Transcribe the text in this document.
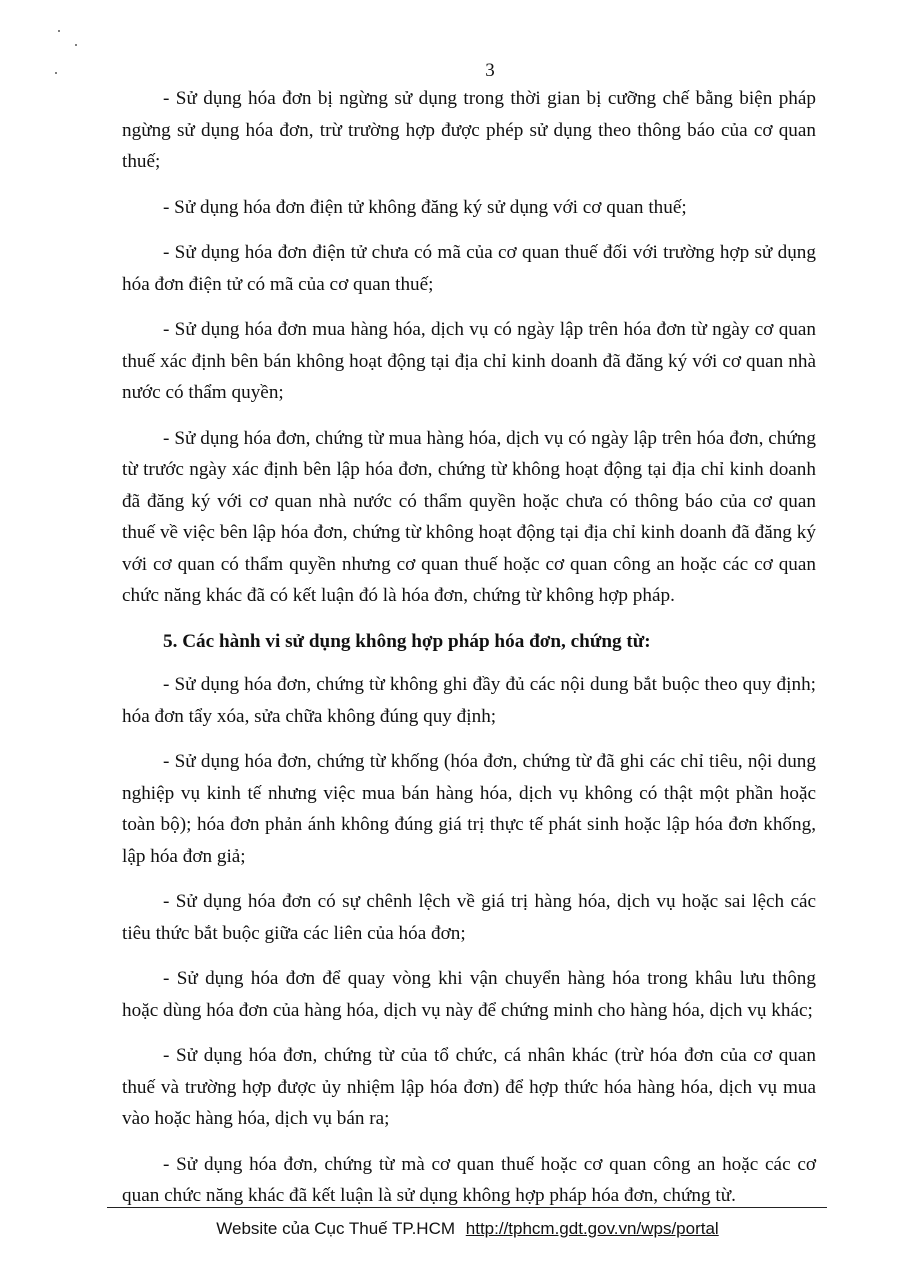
3

- Sử dụng hóa đơn bị ngừng sử dụng trong thời gian bị cưỡng chế bằng biện pháp ngừng sử dụng hóa đơn, trừ trường hợp được phép sử dụng theo thông báo của cơ quan thuế;

- Sử dụng hóa đơn điện tử không đăng ký sử dụng với cơ quan thuế;

- Sử dụng hóa đơn điện tử chưa có mã của cơ quan thuế đối với trường hợp sử dụng hóa đơn điện tử có mã của cơ quan thuế;

- Sử dụng hóa đơn mua hàng hóa, dịch vụ có ngày lập trên hóa đơn từ ngày cơ quan thuế xác định bên bán không hoạt động tại địa chỉ kinh doanh đã đăng ký với cơ quan nhà nước có thẩm quyền;

- Sử dụng hóa đơn, chứng từ mua hàng hóa, dịch vụ có ngày lập trên hóa đơn, chứng từ trước ngày xác định bên lập hóa đơn, chứng từ không hoạt động tại địa chỉ kinh doanh đã đăng ký với cơ quan nhà nước có thẩm quyền hoặc chưa có thông báo của cơ quan thuế về việc bên lập hóa đơn, chứng từ không hoạt động tại địa chỉ kinh doanh đã đăng ký với cơ quan có thẩm quyền nhưng cơ quan thuế hoặc cơ quan công an hoặc các cơ quan chức năng khác đã có kết luận đó là hóa đơn, chứng từ không hợp pháp.

5. Các hành vi sử dụng không hợp pháp hóa đơn, chứng từ:

- Sử dụng hóa đơn, chứng từ không ghi đầy đủ các nội dung bắt buộc theo quy định; hóa đơn tẩy xóa, sửa chữa không đúng quy định;

- Sử dụng hóa đơn, chứng từ khống (hóa đơn, chứng từ đã ghi các chỉ tiêu, nội dung nghiệp vụ kinh tế nhưng việc mua bán hàng hóa, dịch vụ không có thật một phần hoặc toàn bộ); hóa đơn phản ánh không đúng giá trị thực tế phát sinh hoặc lập hóa đơn khống, lập hóa đơn giả;

- Sử dụng hóa đơn có sự chênh lệch về giá trị hàng hóa, dịch vụ hoặc sai lệch các tiêu thức bắt buộc giữa các liên của hóa đơn;

- Sử dụng hóa đơn để quay vòng khi vận chuyển hàng hóa trong khâu lưu thông hoặc dùng hóa đơn của hàng hóa, dịch vụ này để chứng minh cho hàng hóa, dịch vụ khác;

- Sử dụng hóa đơn, chứng từ của tổ chức, cá nhân khác (trừ hóa đơn của cơ quan thuế và trường hợp được ủy nhiệm lập hóa đơn) để hợp thức hóa hàng hóa, dịch vụ mua vào hoặc hàng hóa, dịch vụ bán ra;

- Sử dụng hóa đơn, chứng từ mà cơ quan thuế hoặc cơ quan công an hoặc các cơ quan chức năng khác đã kết luận là sử dụng không hợp pháp hóa đơn, chứng từ.

Website của Cục Thuế TP.HCM http://tphcm.gdt.gov.vn/wps/portal
